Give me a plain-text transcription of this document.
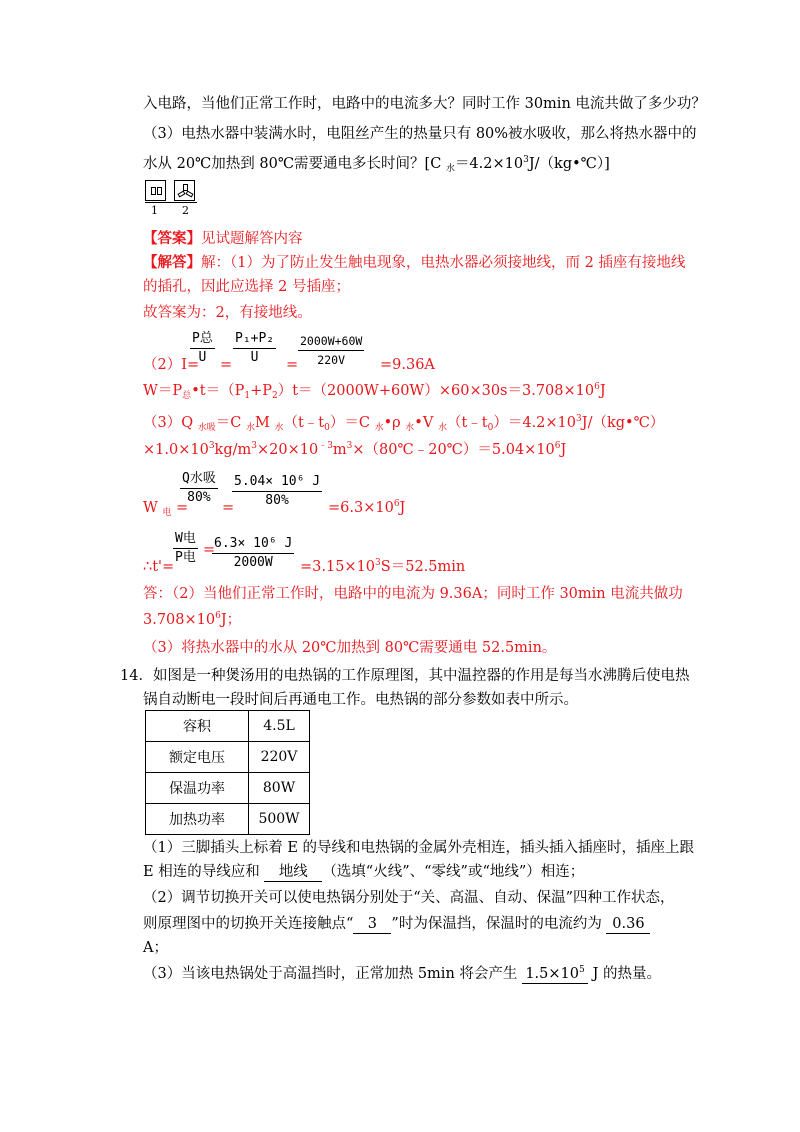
入电路，当他们正常工作时，电路中的电流多大？同时工作 30min 电流共做了多少功？
（3）电热水器中装满水时，电阻丝产生的热量只有 80%被水吸收，那么将热水器中的
水从 20℃加热到 80℃需要通电多长时间？[C $_水=4.2\times 10^3J/(kg•℃)$]
1 2
【答案】见试题解答内容
【解答】解：（1）为了防止发生触电现象，电热水器必须接地线，而 2 插座有接地线
的插孔，因此应选择 2 号插座；
故答案为：2，有接地线。
（2）I=
P总
$U = \frac{\text{P₁+P₂}}{U} = \frac{2000W+60W}{220V} =9.36A$
$W=P_总•t=(P_1+P_2)t=(2000W+60W)\times 60\times 30s=3.708\times 10^6J$
（3）Q $_{水吸}$＝C $_水$M $_水(t﹣t_0)=C$ $_水$•ρ $_水$•V $_水(t﹣t_0)=4.2\times 10^3J/(kg•℃)$
$\times 1.0\times 10^3kg/m^3\times 20\times 10^{﹣3}m^3\times(80℃﹣20℃)=5.04\times 10^6J$
W $_电$ =
Q水吸
80%
=
$\frac{\text{5.04× 10⁶ J}}{80\%} =6.3\times 10^6J$
∴t'=
W电
P电 =
$\frac{\text{6.3× 10⁶ J}}{2000W} =3.15\times 10^3S=52.5\min$
答：（2）当他们正常工作时，电路中的电流为 9.36A；同时工作 30min 电流共做功
$3.708\times 10^6J$；
（3）将热水器中的水从 20℃加热到 80℃需要通电 52.5min。
14．如图是一种煲汤用的电热锅的工作原理图，其中温控器的作用是每当水沸腾后使电热
锅自动断电一段时间后再通电工作。电热锅的部分参数如表中所示。
容积	4.5L
额定电压	220V
保温功率	80W
加热功率	500W
（1）三脚插头上标着 E 的导线和电热锅的金属外壳相连，插头插入插座时，插座上跟
E 相连的导线应和 地线 （选填“火线”、“零线”或“地线”）相连；
（2）调节切换开关可以使电热锅分别处于“关、高温、自动、保温”四种工作状态，
则原理图中的切换开关连接触点“ 3 ”时为保温挡，保温时的电流约为 0.36
A；
（3）当该电热锅处于高温挡时，正常加热 5min 将会产生 $1.5\times 10^5$ J 的热量。
